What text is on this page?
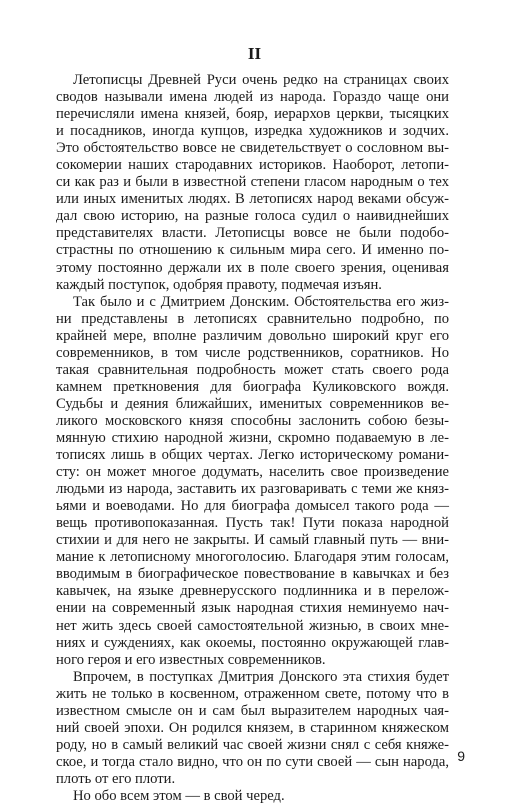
II
Летописцы Древней Руси очень редко на страницах своих
сводов называли имена людей из народа. Гораздо чаще они
перечисляли имена князей, бояр, иерархов церкви, тысяцких
и посадников, иногда купцов, изредка художников и зодчих.
Это обстоятельство вовсе не свидетельствует о сословном вы-
сокомерии наших стародавних историков. Наоборот, летопи-
си как раз и были в известной степени гласом народным о тех
или иных именитых людях. В летописях народ веками обсуж-
дал свою историю, на разные голоса судил о наивиднейших
представителях власти. Летописцы вовсе не были подобо-
страстны по отношению к сильным мира сего. И именно по-
этому постоянно держали их в поле своего зрения, оценивая
каждый поступок, одобряя правоту, подмечая изъян.
Так было и с Дмитрием Донским. Обстоятельства его жиз-
ни представлены в летописях сравнительно подробно, по
крайней мере, вполне различим довольно широкий круг его
современников, в том числе родственников, соратников. Но
такая сравнительная подробность может стать своего рода
камнем преткновения для биографа Куликовского вождя.
Судьбы и деяния ближайших, именитых современников ве-
ликого московского князя способны заслонить собою безы-
мянную стихию народной жизни, скромно подаваемую в ле-
тописях лишь в общих чертах. Легко историческому романи-
сту: он может многое додумать, населить свое произведение
людьми из народа, заставить их разговаривать с теми же княз-
ьями и воеводами. Но для биографа домысел такого рода —
вещь противопоказанная. Пусть так! Пути показа народной
стихии и для него не закрыты. И самый главный путь — вни-
мание к летописному многоголосию. Благодаря этим голосам,
вводимым в биографическое повествование в кавычках и без
кавычек, на языке древнерусского подлинника и в перелож-
ении на современный язык народная стихия неминуемо нач-
нет жить здесь своей самостоятельной жизнью, в своих мне-
ниях и суждениях, как окоемы, постоянно окружающей глав-
ного героя и его известных современников.
Впрочем, в поступках Дмитрия Донского эта стихия будет
жить не только в косвенном, отраженном свете, потому что в
известном смысле он и сам был выразителем народных чая-
ний своей эпохи. Он родился князем, в старинном княжеском
роду, но в самый великий час своей жизни снял с себя княже-
ское, и тогда стало видно, что он по сути своей — сын народа,
плоть от его плоти.
Но обо всем этом — в свой черед.
9
